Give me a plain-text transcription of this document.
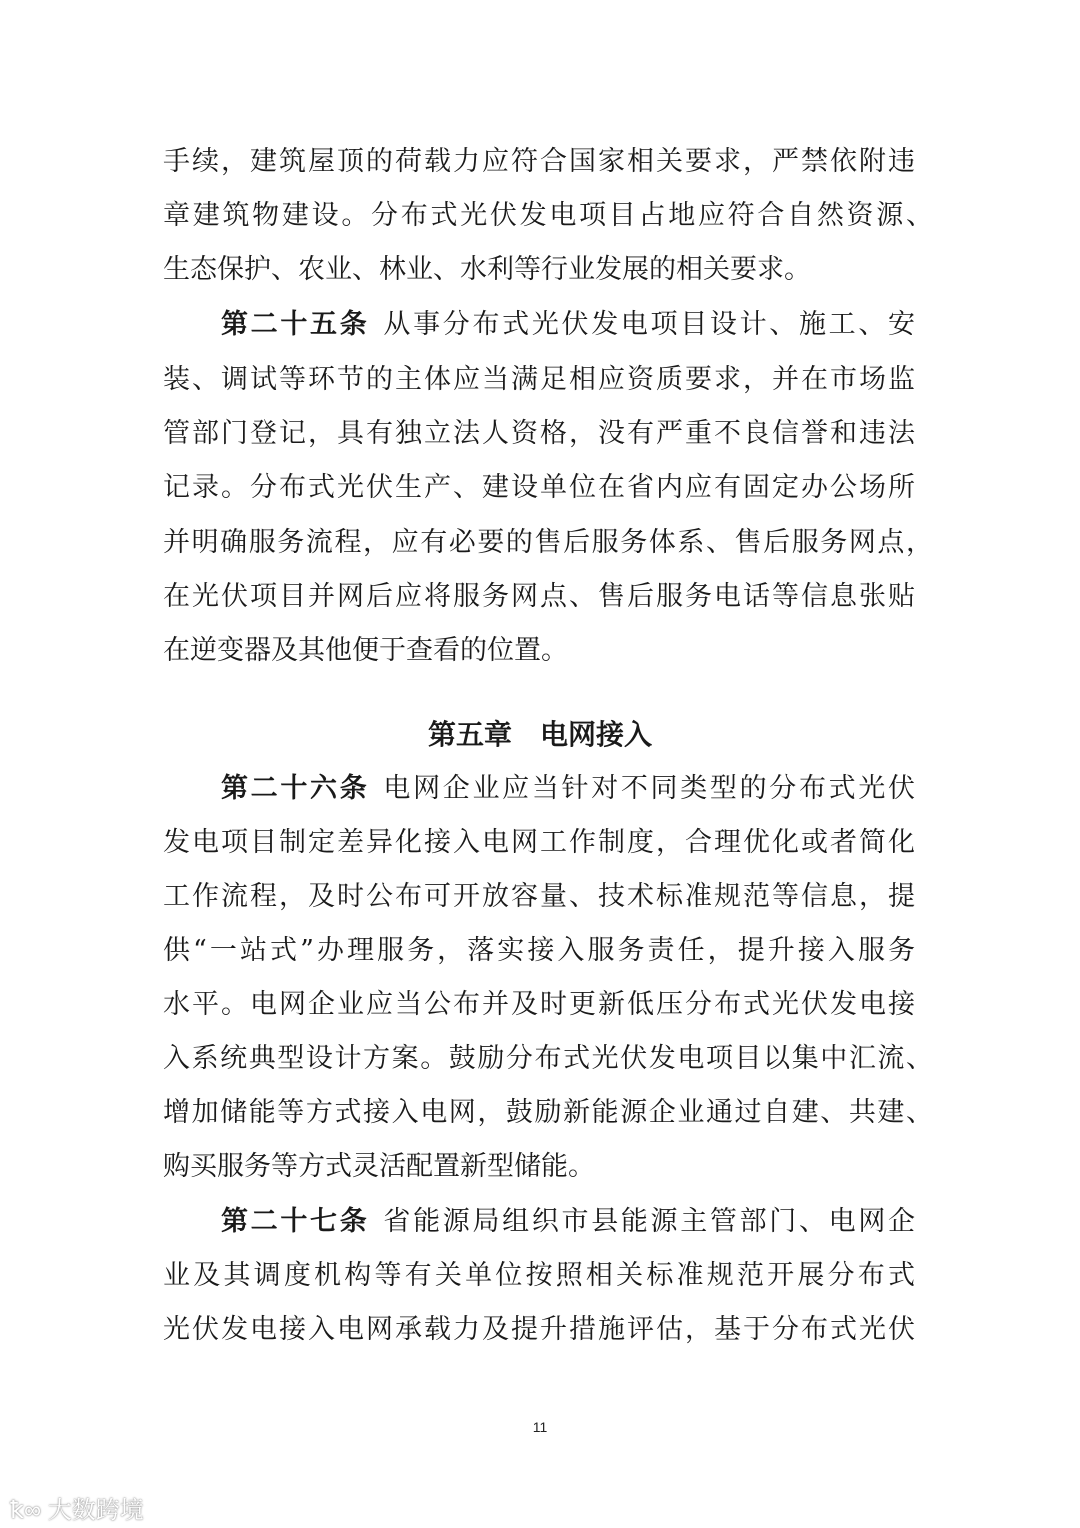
手续，建筑屋顶的荷载力应符合国家相关要求，严禁依附违
章建筑物建设。分布式光伏发电项目占地应符合自然资源、
生态保护、农业、林业、水利等行业发展的相关要求。
第二十五条 从事分布式光伏发电项目设计、施工、安
装、调试等环节的主体应当满足相应资质要求，并在市场监
管部门登记，具有独立法人资格，没有严重不良信誉和违法
记录。分布式光伏生产、建设单位在省内应有固定办公场所
并明确服务流程，应有必要的售后服务体系、售后服务网点，
在光伏项目并网后应将服务网点、售后服务电话等信息张贴
在逆变器及其他便于查看的位置。
第五章　电网接入
第二十六条 电网企业应当针对不同类型的分布式光伏
发电项目制定差异化接入电网工作制度，合理优化或者简化
工作流程，及时公布可开放容量、技术标准规范等信息，提
供“一站式”办理服务，落实接入服务责任，提升接入服务
水平。电网企业应当公布并及时更新低压分布式光伏发电接
入系统典型设计方案。鼓励分布式光伏发电项目以集中汇流、
增加储能等方式接入电网，鼓励新能源企业通过自建、共建、
购买服务等方式灵活配置新型储能。
第二十七条 省能源局组织市县能源主管部门、电网企
业及其调度机构等有关单位按照相关标准规范开展分布式
光伏发电接入电网承载力及提升措施评估，基于分布式光伏
11
ꝁ∞ 大数跨境
